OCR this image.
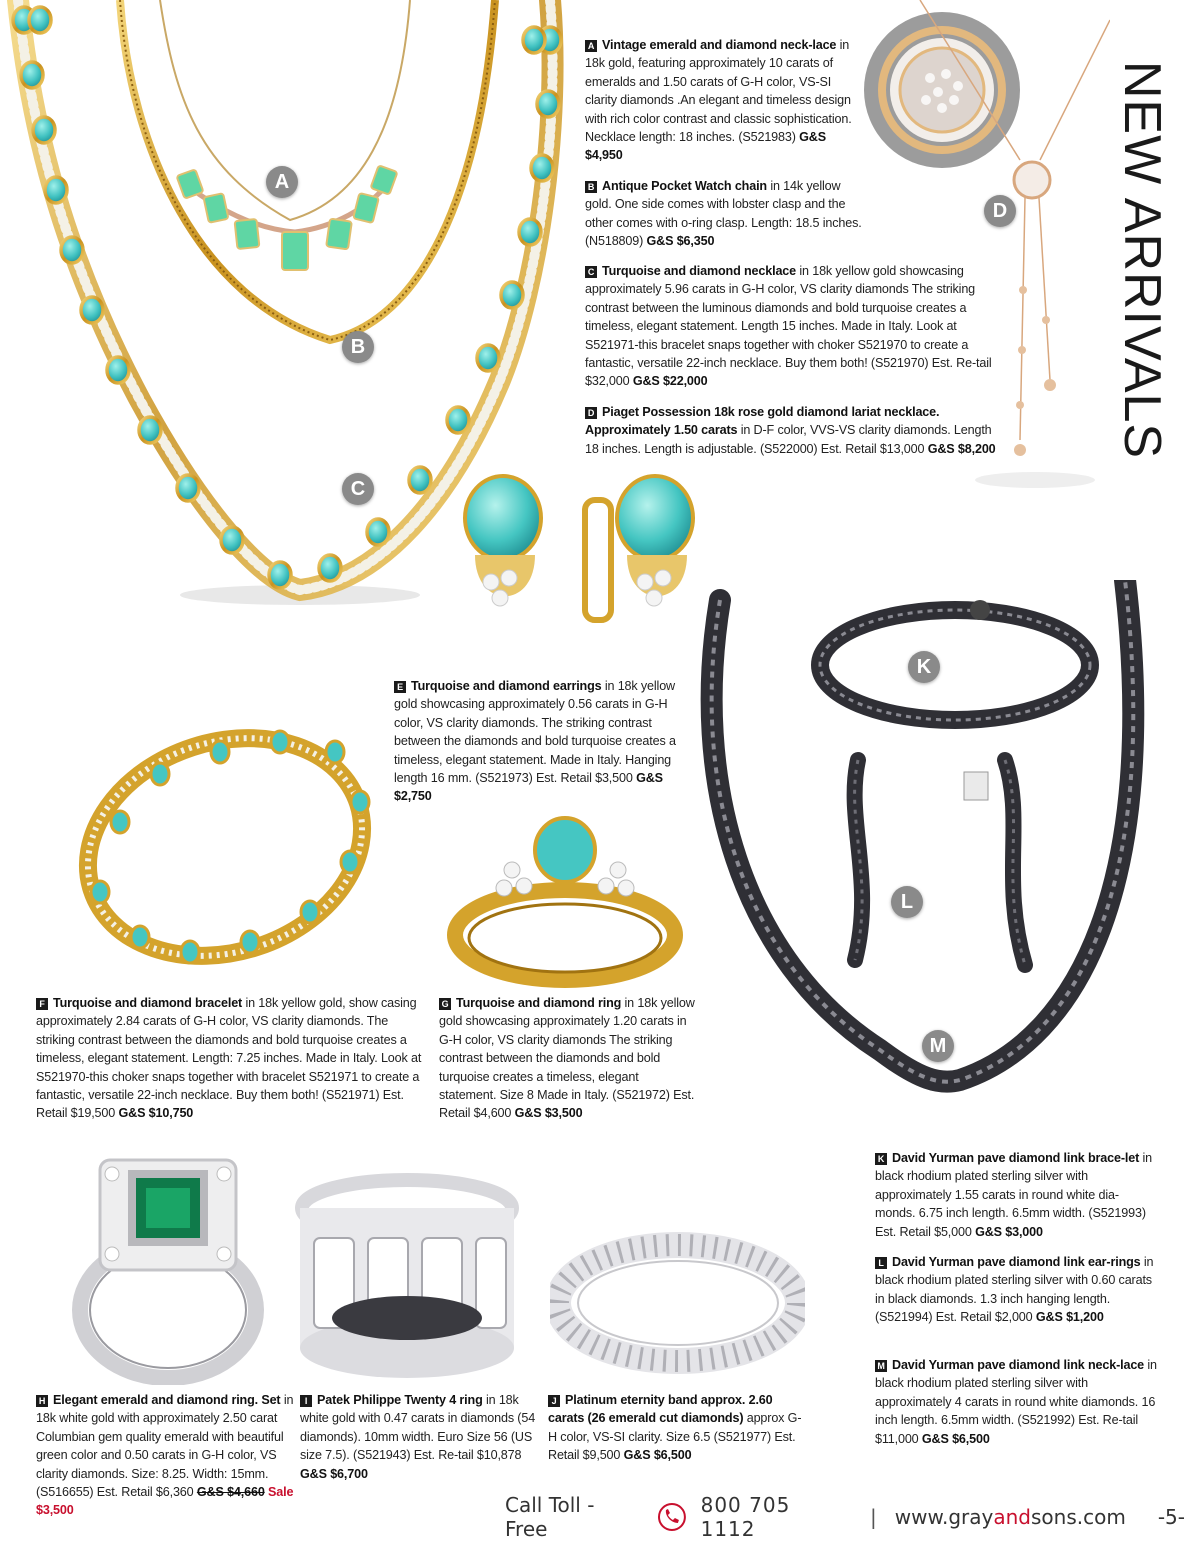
A
B
C
D
K
L
M
NEW ARRIVALS
A Vintage emerald and diamond neck-lace in 18k gold, featuring approximately 10 carats of emeralds and 1.50 carats of G-H color, VS-SI clarity diamonds .An elegant and timeless design with rich color contrast and classic sophistication. Necklace length: 18 inches. (S521983) G&S $4,950
B Antique Pocket Watch chain in 14k yellow gold. One side comes with lobster clasp and the other comes with o-ring clasp. Length: 18.5 inches. (N518809) G&S $6,350
C Turquoise and diamond necklace in 18k yellow gold showcasing approximately 5.96 carats in G-H color, VS clarity diamonds The striking contrast between the luminous diamonds and bold turquoise creates a timeless, elegant statement. Length 15 inches. Made in Italy. Look at S521971-this bracelet snaps together with choker S521970 to create a fantastic, versatile 22-inch necklace. Buy them both! (S521970) Est. Re-tail $32,000 G&S $22,000
D Piaget Possession 18k rose gold diamond lariat necklace. Approximately 1.50 carats in D-F color, VVS-VS clarity diamonds. Length 18 inches. Length is adjustable. (S522000) Est. Retail $13,000 G&S $8,200
E Turquoise and diamond earrings in 18k yellow gold showcasing approximately 0.56 carats in G-H color, VS clarity diamonds. The striking contrast between the diamonds and bold turquoise creates a timeless, elegant statement. Made in Italy. Hanging length 16 mm. (S521973) Est. Retail $3,500 G&S $2,750
F Turquoise and diamond bracelet in 18k yellow gold, show casing approximately 2.84 carats of G-H color, VS clarity diamonds. The striking contrast between the diamonds and bold turquoise creates a timeless, elegant statement. Length: 7.25 inches. Made in Italy. Look at S521970-this choker snaps together with bracelet S521971 to create a fantastic, versatile 22-inch necklace. Buy them both! (S521971) Est. Retail $19,500 G&S $10,750
G Turquoise and diamond ring in 18k yellow gold showcasing approximately 1.20 carats in G-H color, VS clarity diamonds The striking contrast between the diamonds and bold turquoise creates a timeless, elegant statement. Size 8 Made in Italy. (S521972) Est. Retail $4,600 G&S $3,500
K David Yurman pave diamond link brace-let in black rhodium plated sterling silver with approximately 1.55 carats in round white dia-monds. 6.75 inch length. 6.5mm width. (S521993) Est. Retail $5,000 G&S $3,000
L David Yurman pave diamond link ear-rings in black rhodium plated sterling silver with 0.60 carats in black diamonds. 1.3 inch hanging length. (S521994) Est. Retail $2,000 G&S $1,200
M David Yurman pave diamond link neck-lace in black rhodium plated sterling silver with approximately 4 carats in round white diamonds. 16 inch length. 6.5mm width. (S521992) Est. Re-tail $11,000 G&S $6,500
H Elegant emerald and diamond ring. Set in 18k white gold with approximately 2.50 carat Columbian gem quality emerald with beautiful green color and 0.50 carats in G-H color, VS clarity diamonds. Size: 8.25. Width: 15mm. (S516655) Est. Retail $6,360 G&S $4,660 Sale $3,500
I Patek Philippe Twenty 4 ring in 18k white gold with 0.47 carats in diamonds (54 diamonds). 10mm width. Euro Size 56 (US size 7.5). (S521943) Est. Re-tail $10,878 G&S $6,700
J Platinum eternity band approx. 2.60 carats (26 emerald cut diamonds) approx G-H color, VS-SI clarity. Size 6.5 (S521977) Est. Retail $9,500 G&S $6,500
Call Toll - Free
800 705 1112	| www.grayandsons.com -5-
